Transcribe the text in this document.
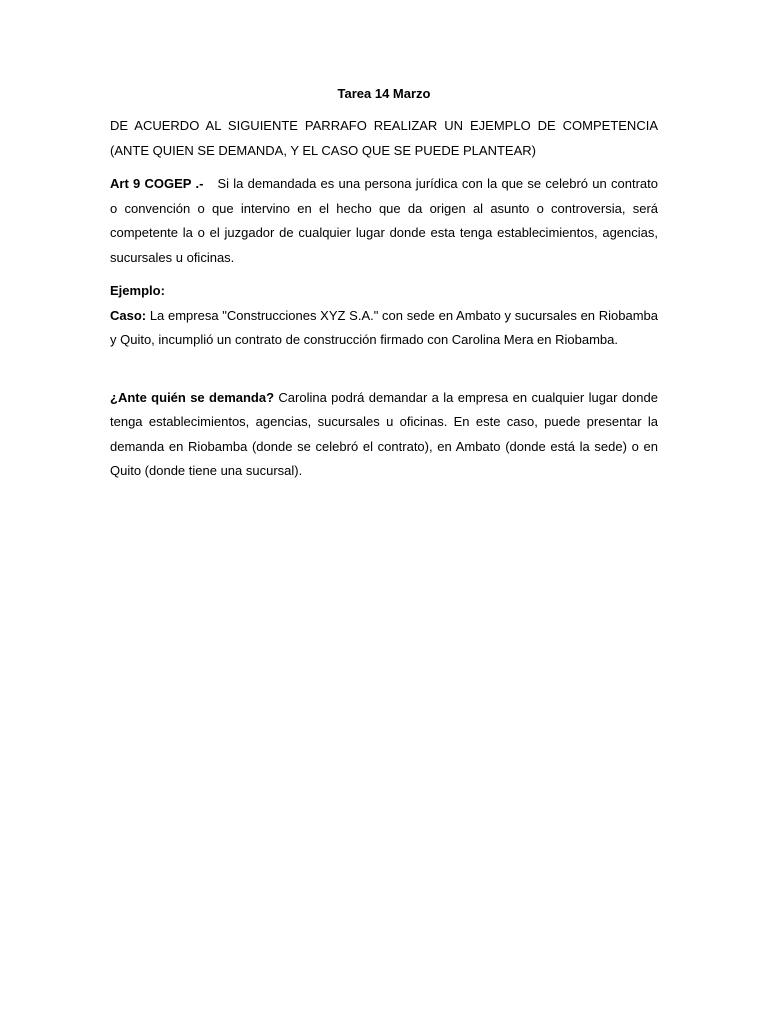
Tarea 14 Marzo

DE ACUERDO AL SIGUIENTE PARRAFO REALIZAR UN EJEMPLO DE COMPETENCIA (ANTE QUIEN SE DEMANDA, Y EL CASO QUE SE PUEDE PLANTEAR)

Art 9 COGEP .- Si la demandada es una persona jurídica con la que se celebró un contrato o convención o que intervino en el hecho que da origen al asunto o controversia, será competente la o el juzgador de cualquier lugar donde esta tenga establecimientos, agencias, sucursales u oficinas.

Ejemplo:

Caso: La empresa "Construcciones XYZ S.A." con sede en Ambato y sucursales en Riobamba y Quito, incumplió un contrato de construcción firmado con Carolina Mera en Riobamba.

¿Ante quién se demanda? Carolina podrá demandar a la empresa en cualquier lugar donde tenga establecimientos, agencias, sucursales u oficinas. En este caso, puede presentar la demanda en Riobamba (donde se celebró el contrato), en Ambato (donde está la sede) o en Quito (donde tiene una sucursal).
